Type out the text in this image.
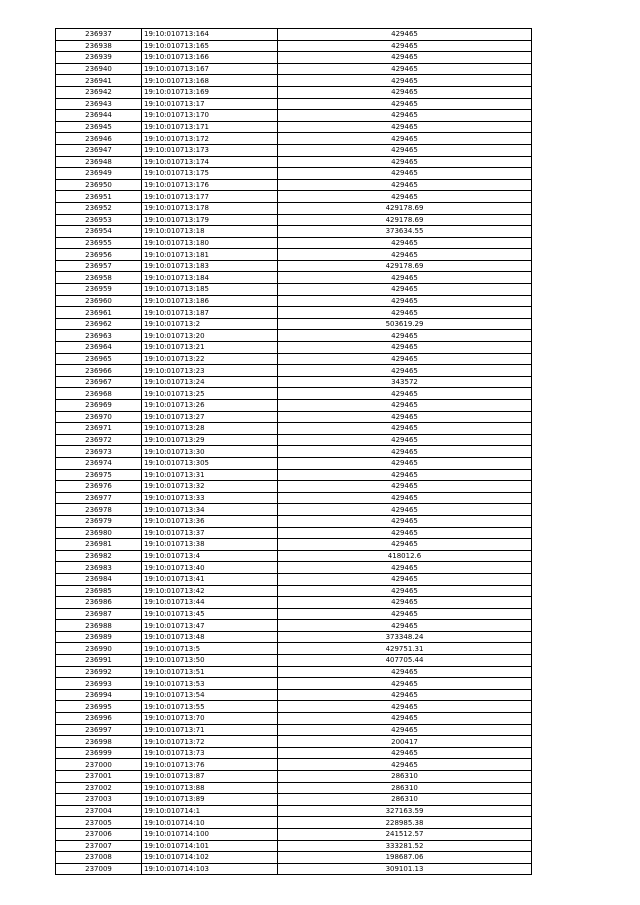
236937	19:10:010713:164	429465
236938	19:10:010713:165	429465
236939	19:10:010713:166	429465
236940	19:10:010713:167	429465
236941	19:10:010713:168	429465
236942	19:10:010713:169	429465
236943	19:10:010713:17	429465
236944	19:10:010713:170	429465
236945	19:10:010713:171	429465
236946	19:10:010713:172	429465
236947	19:10:010713:173	429465
236948	19:10:010713:174	429465
236949	19:10:010713:175	429465
236950	19:10:010713:176	429465
236951	19:10:010713:177	429465
236952	19:10:010713:178	429178.69
236953	19:10:010713:179	429178.69
236954	19:10:010713:18	373634.55
236955	19:10:010713:180	429465
236956	19:10:010713:181	429465
236957	19:10:010713:183	429178.69
236958	19:10:010713:184	429465
236959	19:10:010713:185	429465
236960	19:10:010713:186	429465
236961	19:10:010713:187	429465
236962	19:10:010713:2	503619.29
236963	19:10:010713:20	429465
236964	19:10:010713:21	429465
236965	19:10:010713:22	429465
236966	19:10:010713:23	429465
236967	19:10:010713:24	343572
236968	19:10:010713:25	429465
236969	19:10:010713:26	429465
236970	19:10:010713:27	429465
236971	19:10:010713:28	429465
236972	19:10:010713:29	429465
236973	19:10:010713:30	429465
236974	19:10:010713:305	429465
236975	19:10:010713:31	429465
236976	19:10:010713:32	429465
236977	19:10:010713:33	429465
236978	19:10:010713:34	429465
236979	19:10:010713:36	429465
236980	19:10:010713:37	429465
236981	19:10:010713:38	429465
236982	19:10:010713:4	418012.6
236983	19:10:010713:40	429465
236984	19:10:010713:41	429465
236985	19:10:010713:42	429465
236986	19:10:010713:44	429465
236987	19:10:010713:45	429465
236988	19:10:010713:47	429465
236989	19:10:010713:48	373348.24
236990	19:10:010713:5	429751.31
236991	19:10:010713:50	407705.44
236992	19:10:010713:51	429465
236993	19:10:010713:53	429465
236994	19:10:010713:54	429465
236995	19:10:010713:55	429465
236996	19:10:010713:70	429465
236997	19:10:010713:71	429465
236998	19:10:010713:72	200417
236999	19:10:010713:73	429465
237000	19:10:010713:76	429465
237001	19:10:010713:87	286310
237002	19:10:010713:88	286310
237003	19:10:010713:89	286310
237004	19:10:010714:1	327163.59
237005	19:10:010714:10	228985.38
237006	19:10:010714:100	241512.57
237007	19:10:010714:101	333281.52
237008	19:10:010714:102	198687.06
237009	19:10:010714:103	309101.13
